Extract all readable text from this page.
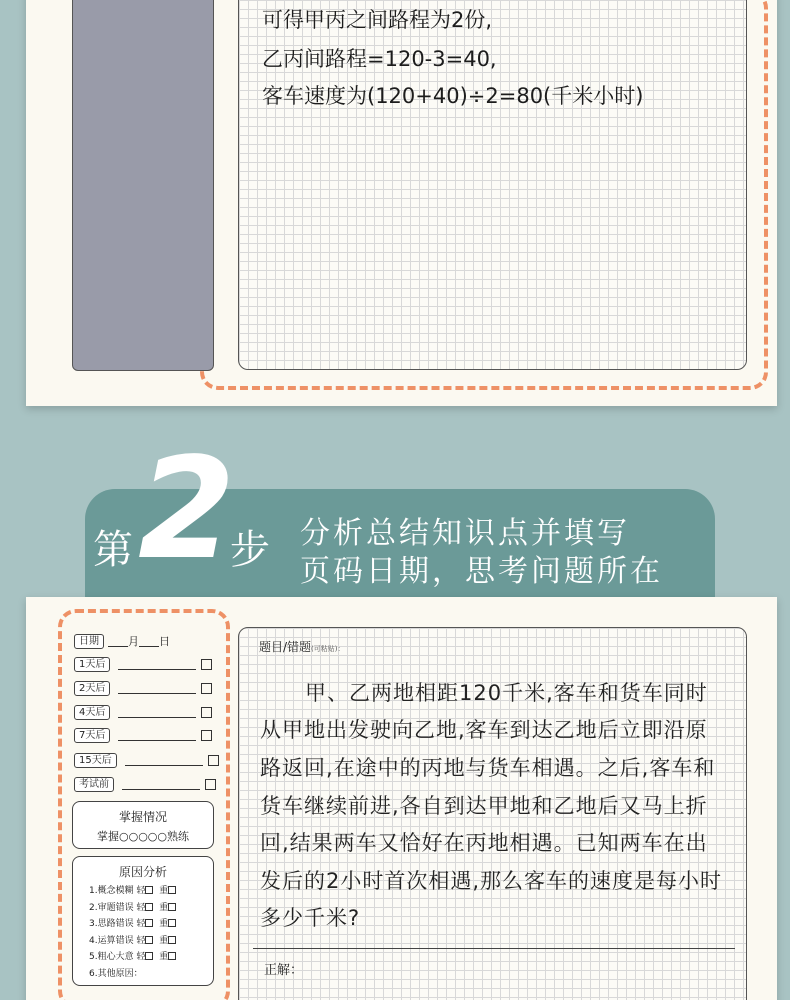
可得甲丙之间路程为2份,
乙丙间路程=120-3=40,
客车速度为(120+40)÷2=80(千米小时)
第 2
步 分析总结知识点并填写
页码日期，思考问题所在
日期	月 日
1天后
2天后
4天后
7天后
15天后
考试前
掌握情况
掌握○○○○○熟练
原因分析
1.概念模糊 轻 重
2.审题错误 轻 重
3.思路错误 轻 重
4.运算错误 轻 重
5.粗心大意 轻 重
6.其他原因：
题目/错题(可粘贴)：
甲、乙两地相距120千米,客车和货车同时
从甲地出发驶向乙地,客车到达乙地后立即沿原
路返回,在途中的丙地与货车相遇。之后,客车和
货车继续前进,各自到达甲地和乙地后又马上折
回,结果两车又恰好在丙地相遇。已知两车在出
发后的2小时首次相遇,那么客车的速度是每小时
多少千米?
正解：
